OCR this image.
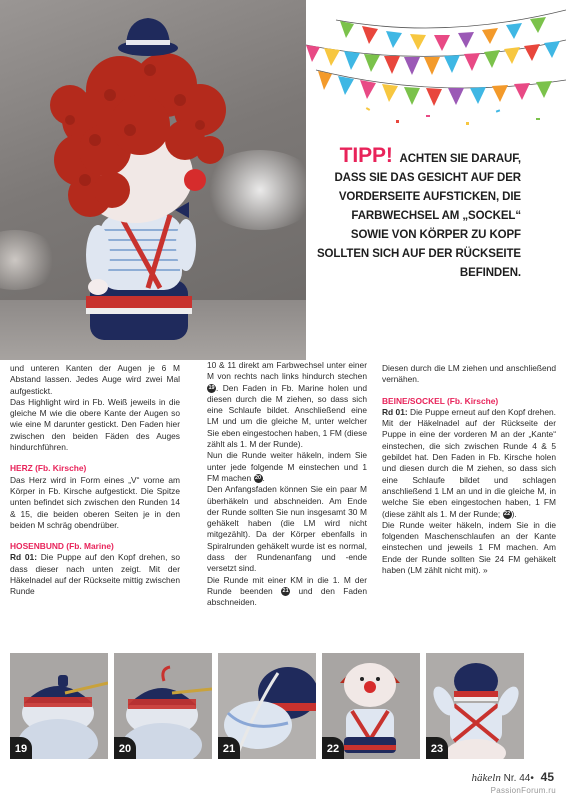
TIPP! ACHTEN SIE DARAUF, DASS SIE DAS GESICHT AUF DER VORDERSEITE AUFSTICKEN, DIE FARBWECHSEL AM „SOCKEL“ SOWIE VON KÖRPER ZU KOPF SOLLTEN SICH AUF DER RÜCKSEITE BEFINDEN.

und unteren Kanten der Augen je 6 M Abstand lassen. Jedes Auge wird zwei Mal aufgestickt.

Das Highlight wird in Fb. Weiß jeweils in die gleiche M wie die obere Kante der Augen so wie eine M darunter gestickt. Den Faden hier zwischen den beiden Fäden des Auges hindurchführen.

HERZ (Fb. Kirsche)

Das Herz wird in Form eines „V“ vorne am Körper in Fb. Kirsche aufgestickt. Die Spitze unten befindet sich zwischen den Runden 14 & 15, die beiden oberen Seiten je in den beiden M schräg obendrüber.

HOSENBUND (Fb. Marine)

Rd 01: Die Puppe auf den Kopf drehen, so dass dieser nach unten zeigt. Mit der Häkelnadel auf der Rückseite mittig zwischen Runde

10 & 11 direkt am Farbwechsel unter einer M von rechts nach links hindurch stechen 19. Den Faden in Fb. Marine holen und diesen durch die M ziehen, so dass sich eine Schlaufe bildet. Anschließend eine LM und um die gleiche M, unter welcher Sie eben eingestochen haben, 1 FM (diese zählt als 1. M der Runde).

Nun die Runde weiter häkeln, indem Sie unter jede folgende M einstechen und 1 FM machen 20.

Den Anfangsfaden können Sie ein paar M überhäkeln und abschneiden. Am Ende der Runde sollten Sie nun insgesamt 30 M gehäkelt haben (die LM wird nicht mitgezählt). Da der Körper ebenfalls in Spiralrunden gehäkelt wurde ist es normal, dass der Rundenanfang und -ende versetzt sind.

Die Runde mit einer KM in die 1. M der Runde beenden 21 und den Faden abschneiden.

Diesen durch die LM ziehen und anschließend vernähen.

BEINE/SOCKEL (Fb. Kirsche)

Rd 01: Die Puppe erneut auf den Kopf drehen. Mit der Häkelnadel auf der Rückseite der Puppe in eine der vorderen M an der „Kante“ einstechen, die sich zwischen Runde 4 & 5 gebildet hat. Den Faden in Fb. Kirsche holen und diesen durch die M ziehen, so dass sich eine Schlaufe bildet und schlagen anschließend 1 LM an und in die gleiche M, in welche Sie eben eingestochen haben, 1 FM (diese zählt als 1. M der Runde; 22).

Die Runde weiter häkeln, indem Sie in die folgenden Maschenschlaufen an der Kante einstechen und jeweils 1 FM machen. Am Ende der Runde sollten Sie 24 FM gehäkelt haben (LM zählt nicht mit). »

19	20	21	22	23
häkeln Nr. 44• 45
PassionForum.ru
